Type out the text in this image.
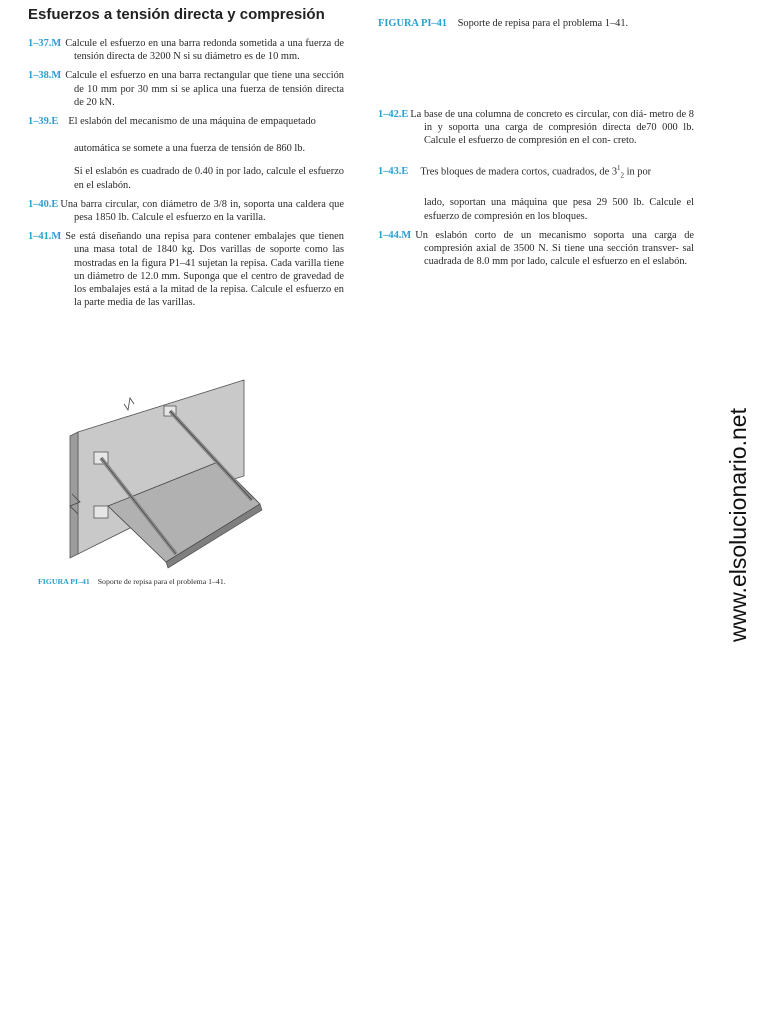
Esfuerzos a tensión directa y compresión
FIGURA PI–41 Soporte de repisa para el problema 1–41.

1–37.M Calcule el esfuerzo en una barra redonda sometida a una fuerza de tensión directa de 3200 N si su diámetro es de 10 mm.

1–38.M Calcule el esfuerzo en una barra rectangular que tiene una sección de 10 mm por 30 mm si se aplica una fuerza de tensión directa de 20 kN.

1–39.E El eslabón del mecanismo de una máquina de empaquetado

automática se somete a una fuerza de tensión de 860 lb.

Si el eslabón es cuadrado de 0.40 in por lado, calcule el esfuerzo en el eslabón.

1–40.E Una barra circular, con diámetro de 3/8 in, soporta una caldera que pesa 1850 lb. Calcule el esfuerzo en la varilla.

1–41.M Se está diseñando una repisa para contener embalajes que tienen una masa total de 1840 kg. Dos varillas de soporte como las mostradas en la figura P1–41 sujetan la repisa. Cada varilla tiene un diámetro de 12.0 mm. Suponga que el centro de gravedad de los embalajes está a la mitad de la repisa. Calcule el esfuerzo en la parte media de las varillas.

1–42.E La base de una columna de concreto es circular, con diá- metro de 8 in y soporta una carga de compresión directa de70 000 lb. Calcule el esfuerzo de compresión en el con- creto.

1–43.E Tres bloques de madera cortos, cuadrados, de $3^1_2$ in por

lado, soportan una máquina que pesa 29 500 lb. Calcule el esfuerzo de compresión en los bloques.

1–44.M Un eslabón corto de un mecanismo soporta una carga de compresión axial de 3500 N. Si tiene una sección transver- sal cuadrada de 8.0 mm por lado, calcule el esfuerzo en el eslabón.

FIGURA PI–41 Soporte de repisa para el problema 1–41.	www.elsolucionario.net
